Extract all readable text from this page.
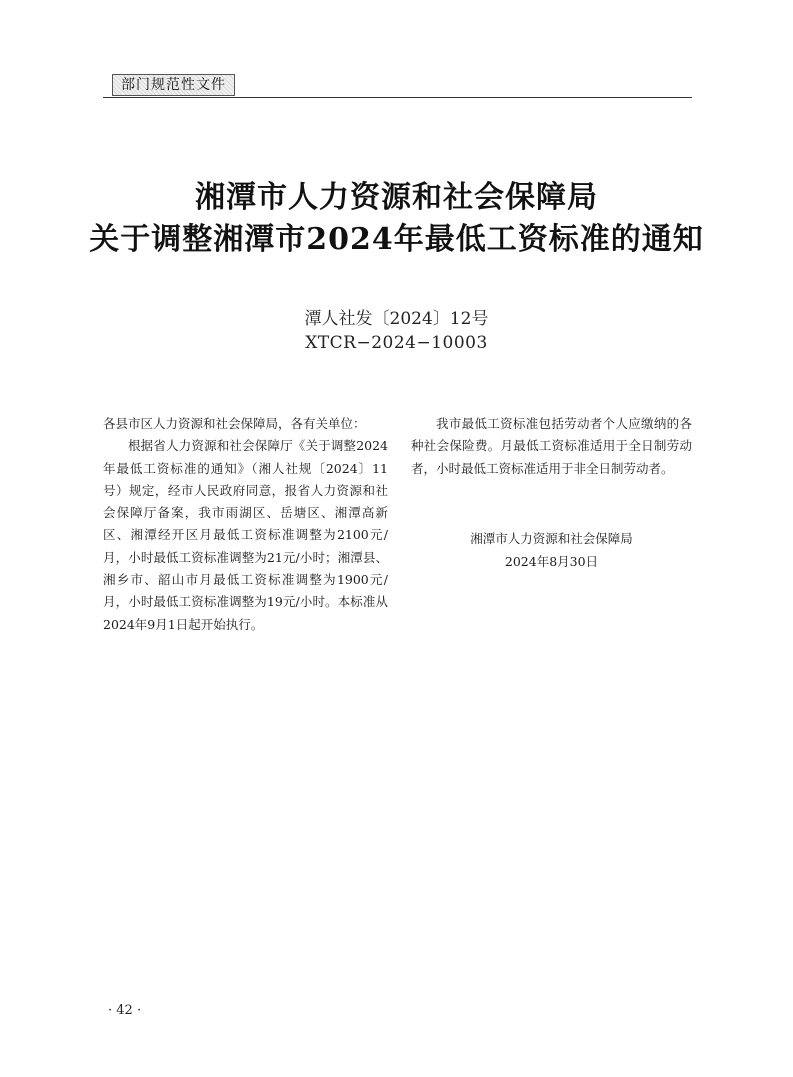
部门规范性文件
湘潭市人力资源和社会保障局
关于调整湘潭市2024年最低工资标准的通知
潭人社发〔2024〕12号
XTCR−2024−10003

各县市区人力资源和社会保障局，各有关单位：

根据省人力资源和社会保障厅《关于调整2024年最低工资标准的通知》（湘人社规〔2024〕11号）规定，经市人民政府同意，报省人力资源和社会保障厅备案，我市雨湖区、岳塘区、湘潭高新区、湘潭经开区月最低工资标准调整为2100元/月，小时最低工资标准调整为21元/小时；湘潭县、湘乡市、韶山市月最低工资标准调整为1900元/月，小时最低工资标准调整为19元/小时。本标准从2024年9月1日起开始执行。

我市最低工资标准包括劳动者个人应缴纳的各种社会保险费。月最低工资标准适用于全日制劳动者，小时最低工资标准适用于非全日制劳动者。

湘潭市人力资源和社会保障局
2024年8月30日
· 42 ·
